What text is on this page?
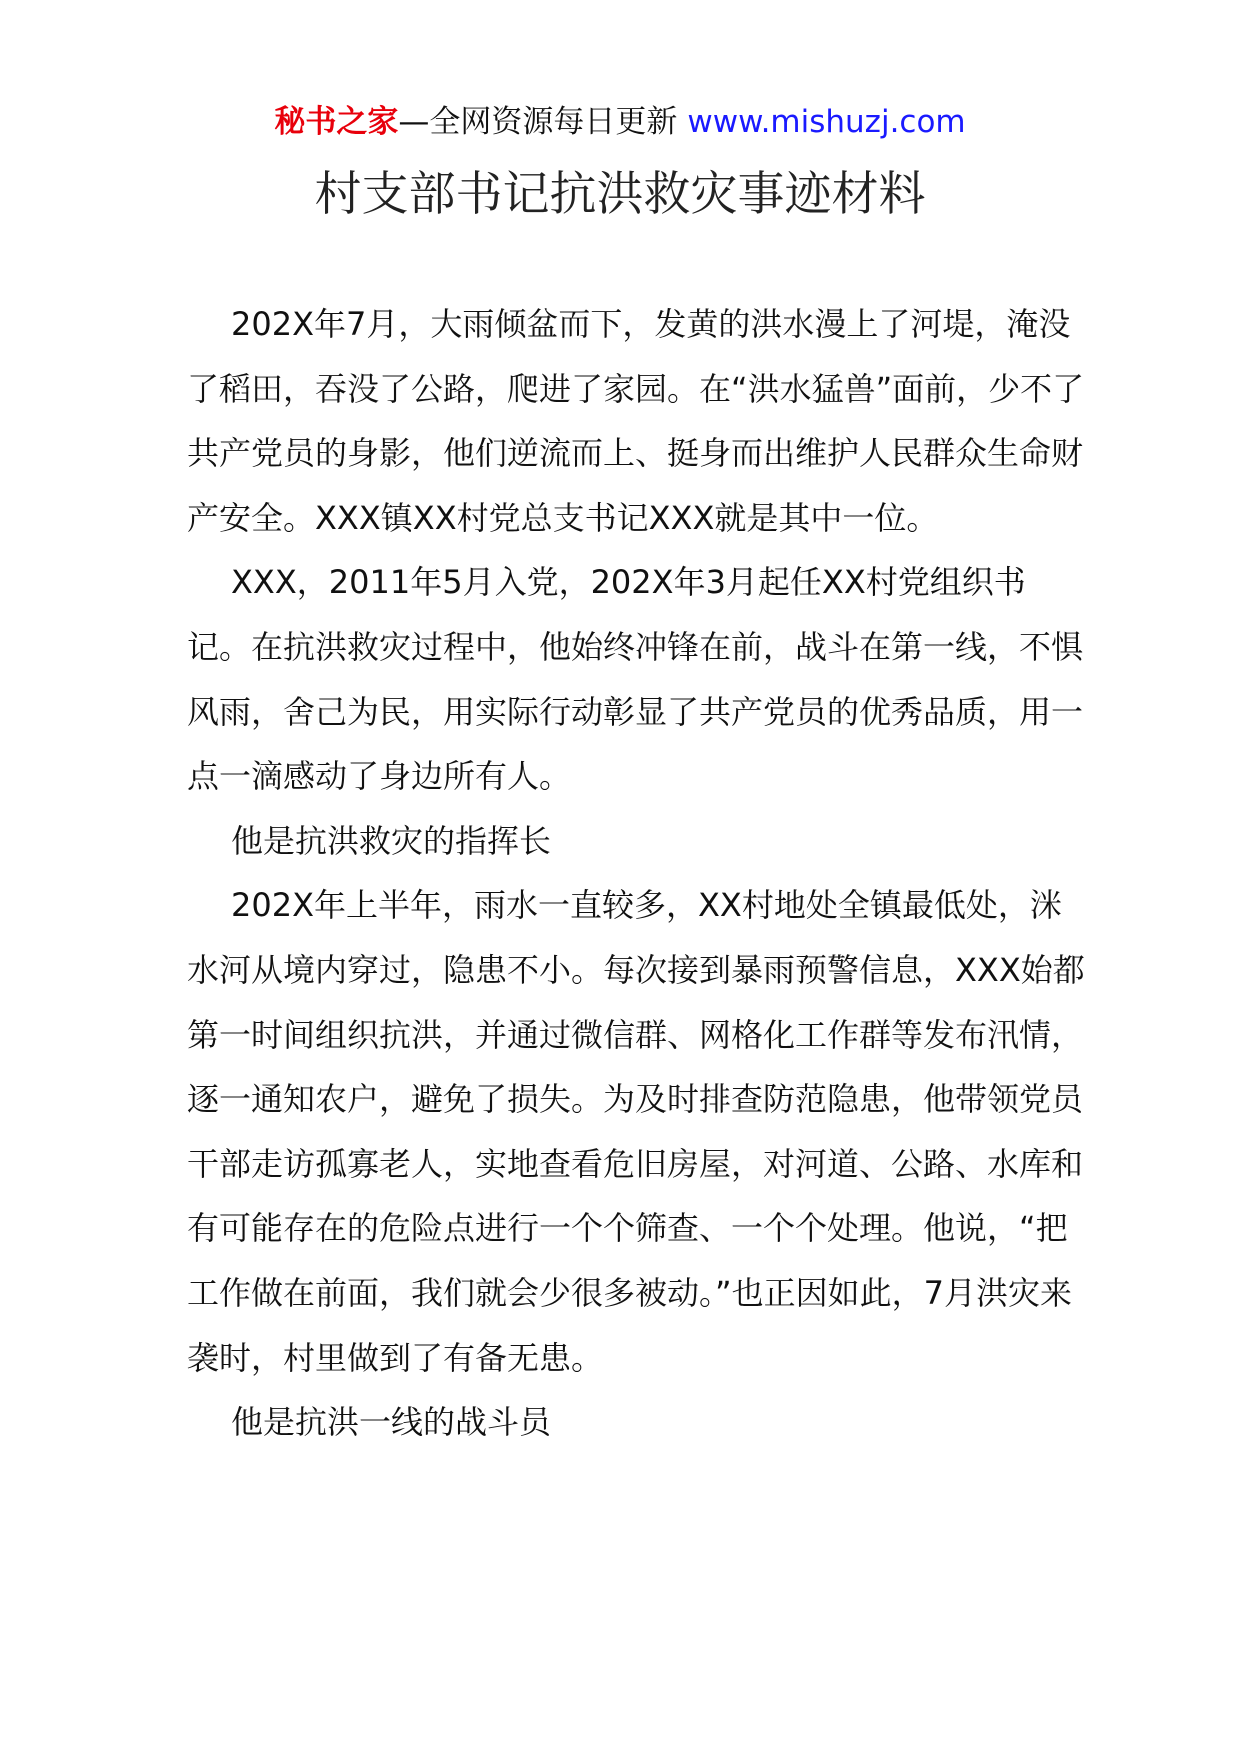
秘书之家—全网资源每日更新 www.mishuzj.com
村支部书记抗洪救灾事迹材料

202X年7月，大雨倾盆而下，发黄的洪水漫上了河堤，淹没了稻田，吞没了公路，爬进了家园。在“洪水猛兽”面前，少不了共产党员的身影，他们逆流而上、挺身而出维护人民群众生命财产安全。XXX镇XX村党总支书记XXX就是其中一位。

XXX，2011年5月入党，202X年3月起任XX村党组织书记。在抗洪救灾过程中，他始终冲锋在前，战斗在第一线，不惧风雨，舍己为民，用实际行动彰显了共产党员的优秀品质，用一点一滴感动了身边所有人。

他是抗洪救灾的指挥长

202X年上半年，雨水一直较多，XX村地处全镇最低处，洣水河从境内穿过，隐患不小。每次接到暴雨预警信息，XXX始都第一时间组织抗洪，并通过微信群、网格化工作群等发布汛情，逐一通知农户，避免了损失。为及时排查防范隐患，他带领党员干部走访孤寡老人，实地查看危旧房屋，对河道、公路、水库和有可能存在的危险点进行一个个筛查、一个个处理。他说，“把工作做在前面，我们就会少很多被动。”也正因如此，7月洪灾来袭时，村里做到了有备无患。

他是抗洪一线的战斗员
